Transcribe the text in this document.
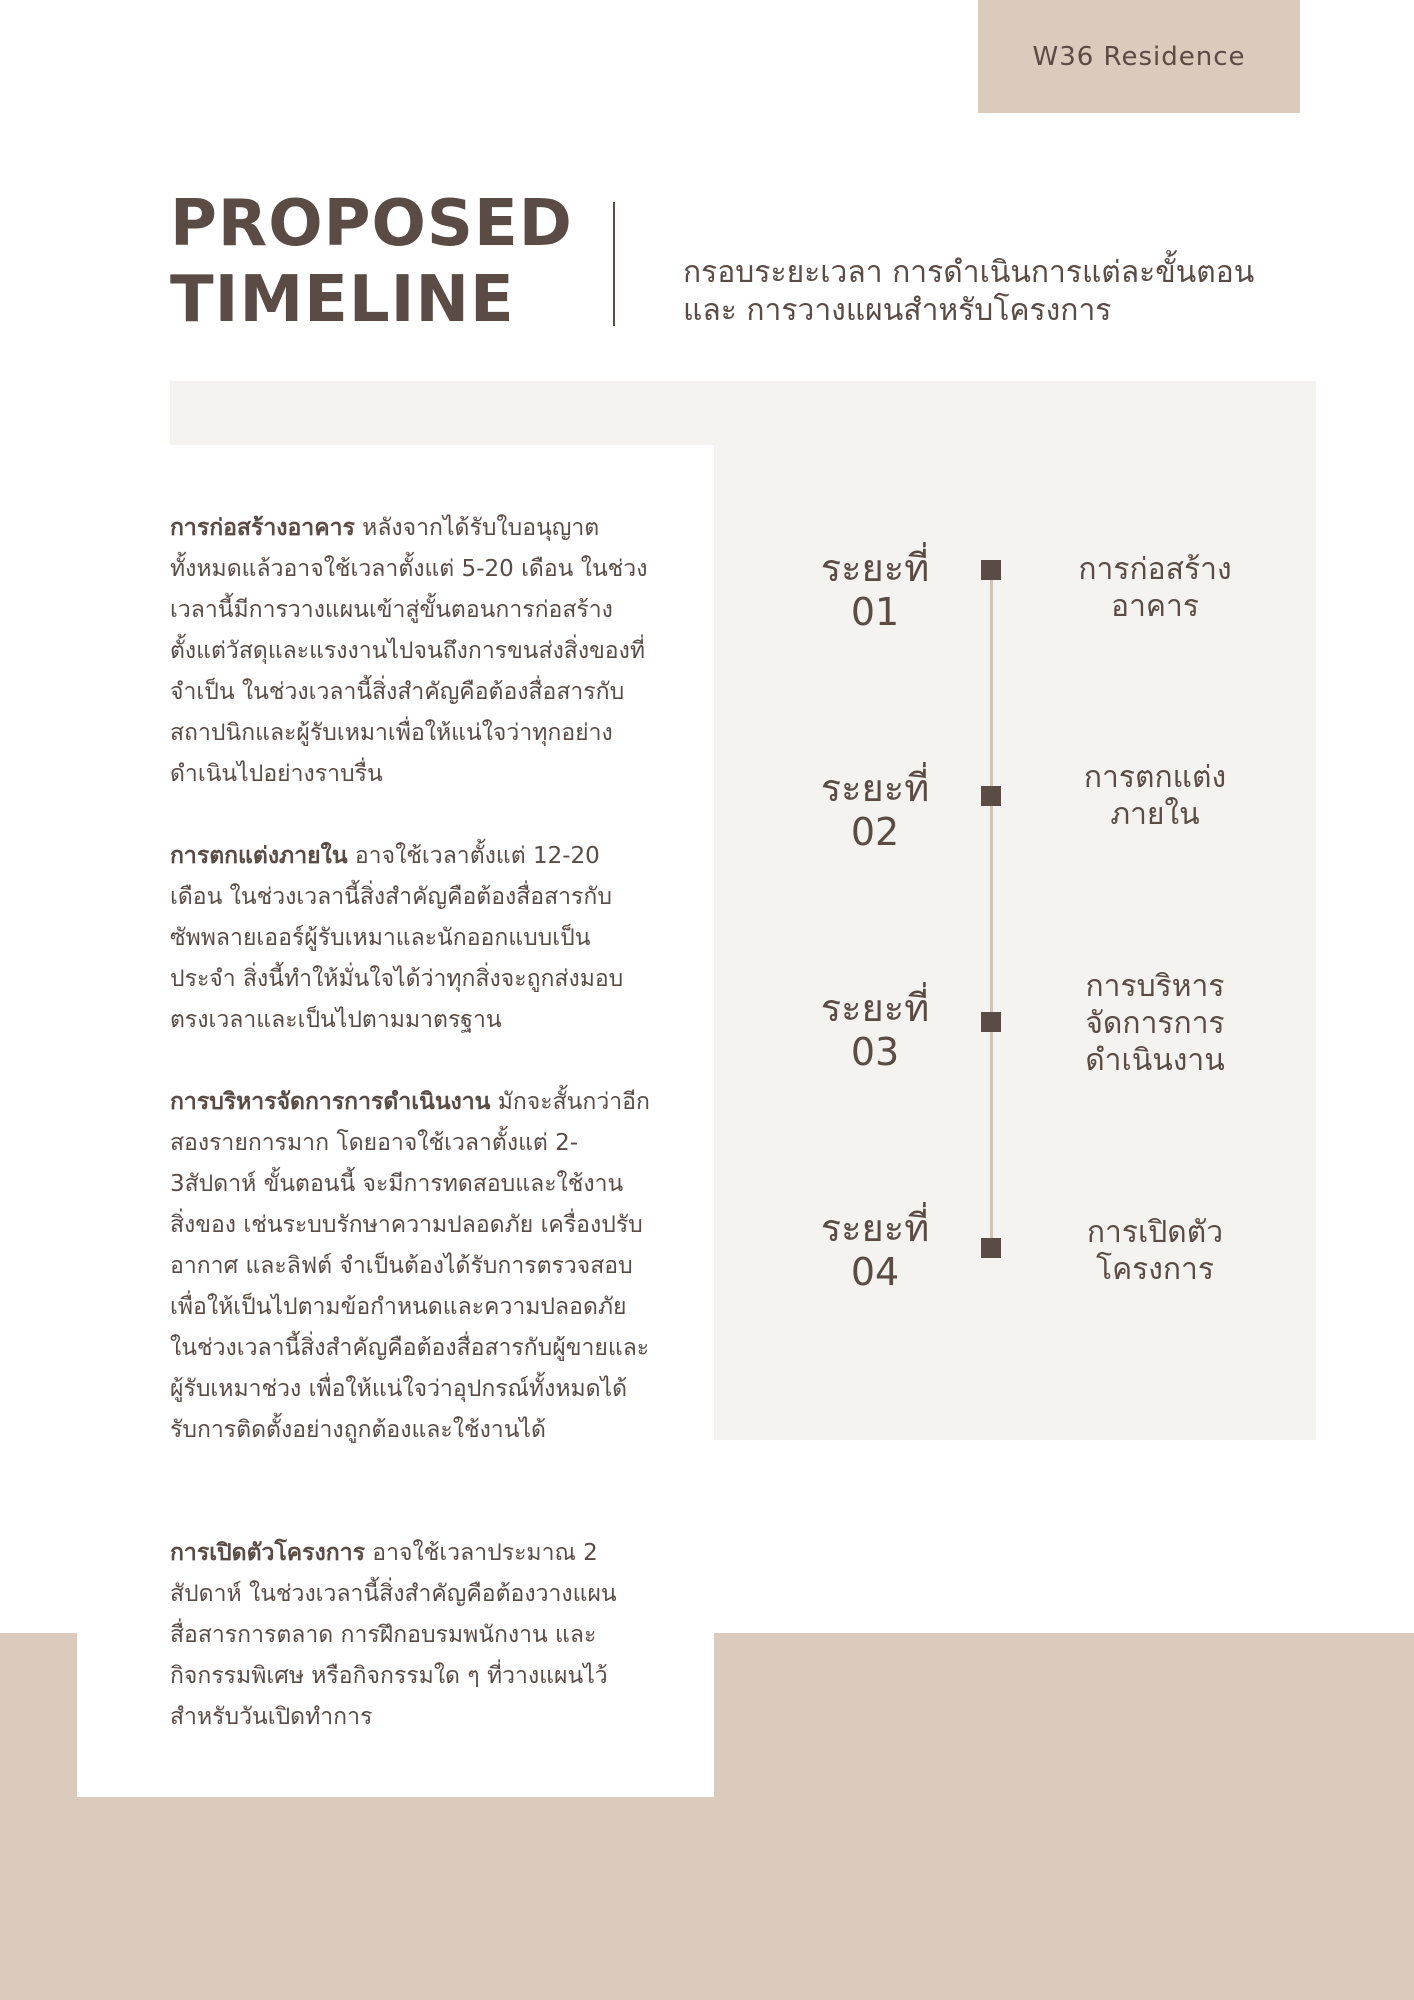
W36 Residence
PROPOSED
TIMELINE	กรอบระยะเวลา การดำเนินการแต่ละขั้นตอน
และ การวางแผนสำหรับโครงการ

การก่อสร้างอาคาร หลังจากได้รับใบอนุญาตทั้งหมดแล้วอาจใช้เวลาตั้งแต่ 5-20 เดือน ในช่วงเวลานี้มีการวางแผนเข้าสู่ขั้นตอนการก่อสร้าง ตั้งแต่วัสดุและแรงงานไปจนถึงการขนส่งสิ่งของที่จำเป็น ในช่วงเวลานี้สิ่งสำคัญคือต้องสื่อสารกับสถาปนิกและผู้รับเหมาเพื่อให้แน่ใจว่าทุกอย่างดำเนินไปอย่างราบรื่น

การตกแต่งภายใน อาจใช้เวลาตั้งแต่ 12-20 เดือน ในช่วงเวลานี้สิ่งสำคัญคือต้องสื่อสารกับซัพพลายเออร์ผู้รับเหมาและนักออกแบบเป็นประจำ สิ่งนี้ทำให้มั่นใจได้ว่าทุกสิ่งจะถูกส่งมอบตรงเวลาและเป็นไปตามมาตรฐาน

การบริหารจัดการการดำเนินงาน มักจะสั้นกว่าอีกสองรายการมาก โดยอาจใช้เวลาตั้งแต่ 2-3สัปดาห์ ขั้นตอนนี้ จะมีการทดสอบและใช้งานสิ่งของ เช่นระบบรักษาความปลอดภัย เครื่องปรับอากาศ และลิฟต์ จำเป็นต้องได้รับการตรวจสอบเพื่อให้เป็นไปตามข้อกำหนดและความปลอดภัย ในช่วงเวลานี้สิ่งสำคัญคือต้องสื่อสารกับผู้ขายและผู้รับเหมาช่วง เพื่อให้แน่ใจว่าอุปกรณ์ทั้งหมดได้รับการติดตั้งอย่างถูกต้องและใช้งานได้

การเปิดตัวโครงการ อาจใช้เวลาประมาณ 2 สัปดาห์ ในช่วงเวลานี้สิ่งสำคัญคือต้องวางแผนสื่อสารการตลาด การฝึกอบรมพนักงาน และกิจกรรมพิเศษ หรือกิจกรรมใด ๆ ที่วางแผนไว้สำหรับวันเปิดทำการ

ระยะที่
01
การก่อสร้าง
อาคาร
ระยะที่
02
การตกแต่ง
ภายใน
ระยะที่
03
การบริหาร
จัดการการ
ดำเนินงาน
ระยะที่
04
การเปิดตัว
โครงการ
